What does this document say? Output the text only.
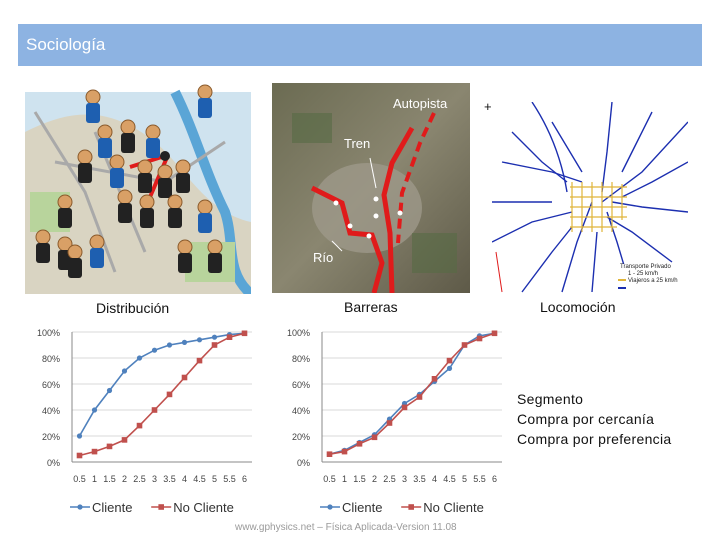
Sociología
Autopista
Tren
Río
+
Transporte Privado
1 - 25 km/h
Viajeros a 25 km/h
Distribución	Barreras	Locomoción
0%
20%
40%
60%
80%
100%
0.5 1 1.5 2 2.5 3 3.5 4 4.5 5 5.5 6
Cliente	No Cliente
0%
20%
40%
60%
80%
100%
0.5 1 1.5 2 2.5 3 3.5 4 4.5 5 5.5 6
Cliente	No Cliente
Segmento
Compra por cercanía
Compra por preferencia
www.gphysics.net – Física Aplicada-Version 11.08
